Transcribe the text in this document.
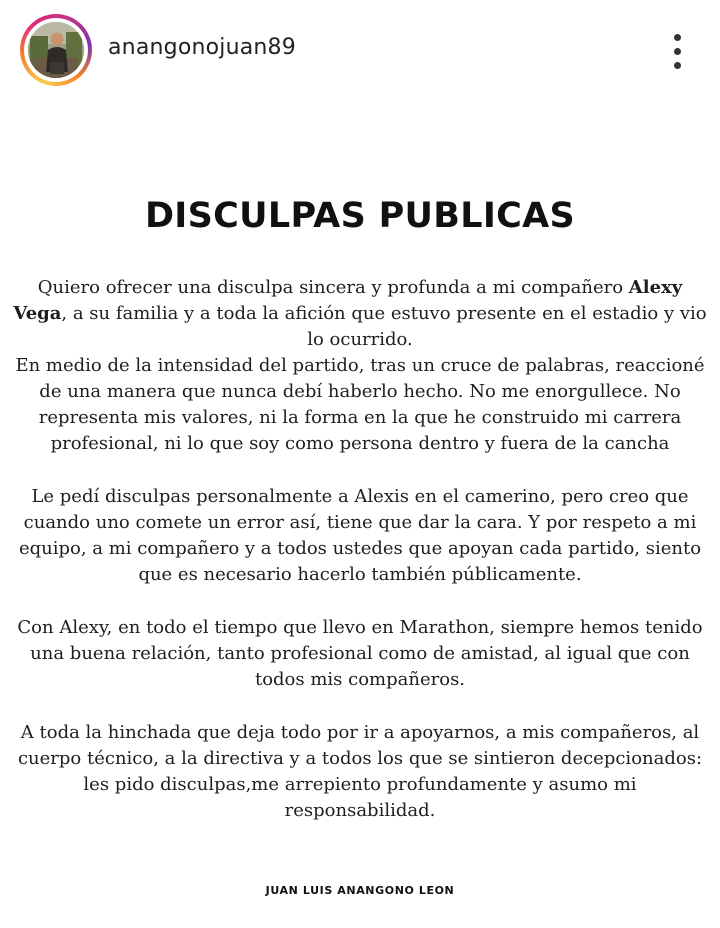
anangonojuan89
DISCULPAS PUBLICAS
Quiero ofrecer una disculpa sincera y profunda a mi compañero Alexy Vega, a su familia y a toda la afición que estuvo presente en el estadio y vio lo ocurrido.
En medio de la intensidad del partido, tras un cruce de palabras, reaccioné de una manera que nunca debí haberlo hecho. No me enorgullece. No representa mis valores, ni la forma en la que he construido mi carrera profesional, ni lo que soy como persona dentro y fuera de la cancha
Le pedí disculpas personalmente a Alexis en el camerino, pero creo que cuando uno comete un error así, tiene que dar la cara. Y por respeto a mi equipo, a mi compañero y a todos ustedes que apoyan cada partido, siento que es necesario hacerlo también públicamente.
Con Alexy, en todo el tiempo que llevo en Marathon, siempre hemos tenido una buena relación, tanto profesional como de amistad, al igual que con todos mis compañeros.
A toda la hinchada que deja todo por ir a apoyarnos, a mis compañeros, al cuerpo técnico, a la directiva y a todos los que se sintieron decepcionados: les pido disculpas,me arrepiento profundamente y asumo mi responsabilidad.
JUAN LUIS ANANGONO LEON
